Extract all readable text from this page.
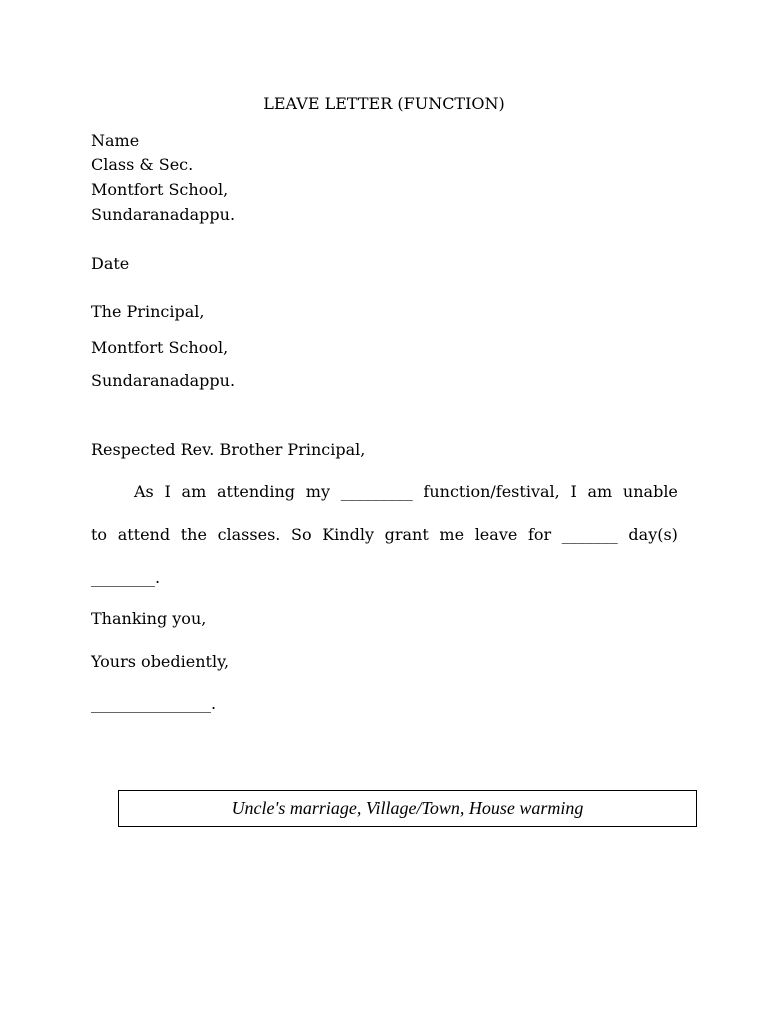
LEAVE LETTER (FUNCTION)
Name
Class & Sec.
Montfort School,
Sundaranadappu.
Date
The Principal,
Montfort School,
Sundaranadappu.
Respected Rev. Brother Principal,
As I am attending my _________ function/festival, I am unable
to attend the classes. So Kindly grant me leave for _______ day(s)
________.
Thanking you,
Yours obediently,
_______________.
Uncle's marriage, Village/Town, House warming
